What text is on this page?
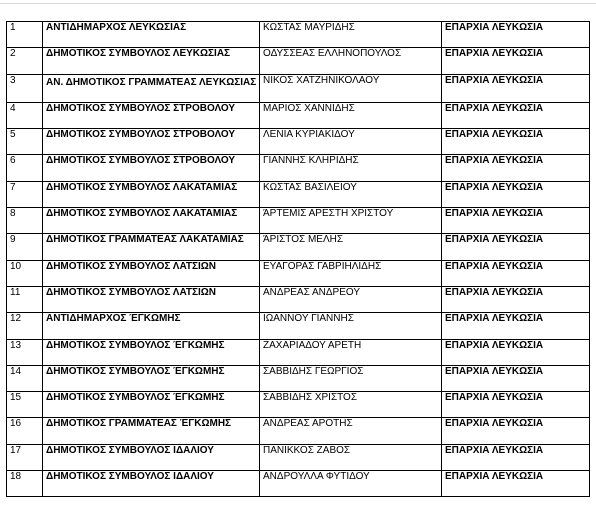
1	ΑΝΤΙΔΗΜΑΡΧΟΣ ΛΕΥΚΩΣΙΑΣ	ΚΩΣΤΑΣ ΜΑΥΡΙΔΗΣ	ΕΠΑΡΧΙΑ ΛΕΥΚΩΣΙΑ
2	ΔΗΜΟΤΙΚΟΣ ΣΥΜΒΟΥΛΟΣ ΛΕΥΚΩΣΙΑΣ	ΟΔΥΣΣΕΑΣ ΕΛΛΗΝΟΠΟΥΛΟΣ	ΕΠΑΡΧΙΑ ΛΕΥΚΩΣΙΑ
3	ΑΝ. ΔΗΜΟΤΙΚΟΣ ΓΡΑΜΜΑΤΕΑΣ ΛΕΥΚΩΣΙΑΣ	ΝΙΚΟΣ ΧΑΤΖΗΝΙΚΟΛΑΟΥ	ΕΠΑΡΧΙΑ ΛΕΥΚΩΣΙΑ
4	ΔΗΜΟΤΙΚΟΣ ΣΥΜΒΟΥΛΟΣ ΣΤΡΟΒΟΛΟΥ	ΜΑΡΙΟΣ ΧΑΝΝΙΔΗΣ	ΕΠΑΡΧΙΑ ΛΕΥΚΩΣΙΑ
5	ΔΗΜΟΤΙΚΟΣ ΣΥΜΒΟΥΛΟΣ ΣΤΡΟΒΟΛΟΥ	ΛΕΝΙΑ ΚΥΡΙΑΚΙΔΟΥ	ΕΠΑΡΧΙΑ ΛΕΥΚΩΣΙΑ
6	ΔΗΜΟΤΙΚΟΣ ΣΥΜΒΟΥΛΟΣ ΣΤΡΟΒΟΛΟΥ	ΓΙΑΝΝΗΣ ΚΛΗΡΙΔΗΣ	ΕΠΑΡΧΙΑ ΛΕΥΚΩΣΙΑ
7	ΔΗΜΟΤΙΚΟΣ ΣΥΜΒΟΥΛΟΣ ΛΑΚΑΤΑΜΙΑΣ	ΚΩΣΤΑΣ ΒΑΣΙΛΕΙΟΥ	ΕΠΑΡΧΙΑ ΛΕΥΚΩΣΙΑ
8	ΔΗΜΟΤΙΚΟΣ ΣΥΜΒΟΥΛΟΣ ΛΑΚΑΤΑΜΙΑΣ	ΆΡΤΕΜΙΣ ΑΡΕΣΤΗ ΧΡΙΣΤΟΥ	ΕΠΑΡΧΙΑ ΛΕΥΚΩΣΙΑ
9	ΔΗΜΟΤΙΚΟΣ ΓΡΑΜΜΑΤΕΑΣ ΛΑΚΑΤΑΜΙΑΣ	ΆΡΙΣΤΟΣ ΜΕΛΗΣ	ΕΠΑΡΧΙΑ ΛΕΥΚΩΣΙΑ
10	ΔΗΜΟΤΙΚΟΣ ΣΥΜΒΟΥΛΟΣ ΛΑΤΣΙΩΝ	ΕΥΑΓΟΡΑΣ ΓΑΒΡΙΗΛΙΔΗΣ	ΕΠΑΡΧΙΑ ΛΕΥΚΩΣΙΑ
11	ΔΗΜΟΤΙΚΟΣ ΣΥΜΒΟΥΛΟΣ ΛΑΤΣΙΩΝ	ΑΝΔΡΕΑΣ ΑΝΔΡΕΟΥ	ΕΠΑΡΧΙΑ ΛΕΥΚΩΣΙΑ
12	ΑΝΤΙΔΗΜΑΡΧΟΣ ΈΓΚΩΜΗΣ	ΙΩΑΝΝΟΥ ΓΙΑΝΝΗΣ	ΕΠΑΡΧΙΑ ΛΕΥΚΩΣΙΑ
13	ΔΗΜΟΤΙΚΟΣ ΣΥΜΒΟΥΛΟΣ ΈΓΚΩΜΗΣ	ΖΑΧΑΡΙΑΔΟΥ ΑΡΕΤΗ	ΕΠΑΡΧΙΑ ΛΕΥΚΩΣΙΑ
14	ΔΗΜΟΤΙΚΟΣ ΣΥΜΒΟΥΛΟΣ ΈΓΚΩΜΗΣ	ΣΑΒΒΙΔΗΣ ΓΕΩΡΓΙΟΣ	ΕΠΑΡΧΙΑ ΛΕΥΚΩΣΙΑ
15	ΔΗΜΟΤΙΚΟΣ ΣΥΜΒΟΥΛΟΣ ΈΓΚΩΜΗΣ	ΣΑΒΒΙΔΗΣ ΧΡΙΣΤΟΣ	ΕΠΑΡΧΙΑ ΛΕΥΚΩΣΙΑ
16	ΔΗΜΟΤΙΚΟΣ ΓΡΑΜΜΑΤΕΑΣ ΈΓΚΩΜΗΣ	ΑΝΔΡΕΑΣ ΑΡΟΤΗΣ	ΕΠΑΡΧΙΑ ΛΕΥΚΩΣΙΑ
17	ΔΗΜΟΤΙΚΟΣ ΣΥΜΒΟΥΛΟΣ ΙΔΑΛΙΟΥ	ΠΑΝΙΚΚΟΣ ΖΑΒΟΣ	ΕΠΑΡΧΙΑ ΛΕΥΚΩΣΙΑ
18	ΔΗΜΟΤΙΚΟΣ ΣΥΜΒΟΥΛΟΣ ΙΔΑΛΙΟΥ	ΑΝΔΡΟΥΛΛΑ ΦΥΤΙΔΟΥ	ΕΠΑΡΧΙΑ ΛΕΥΚΩΣΙΑ
